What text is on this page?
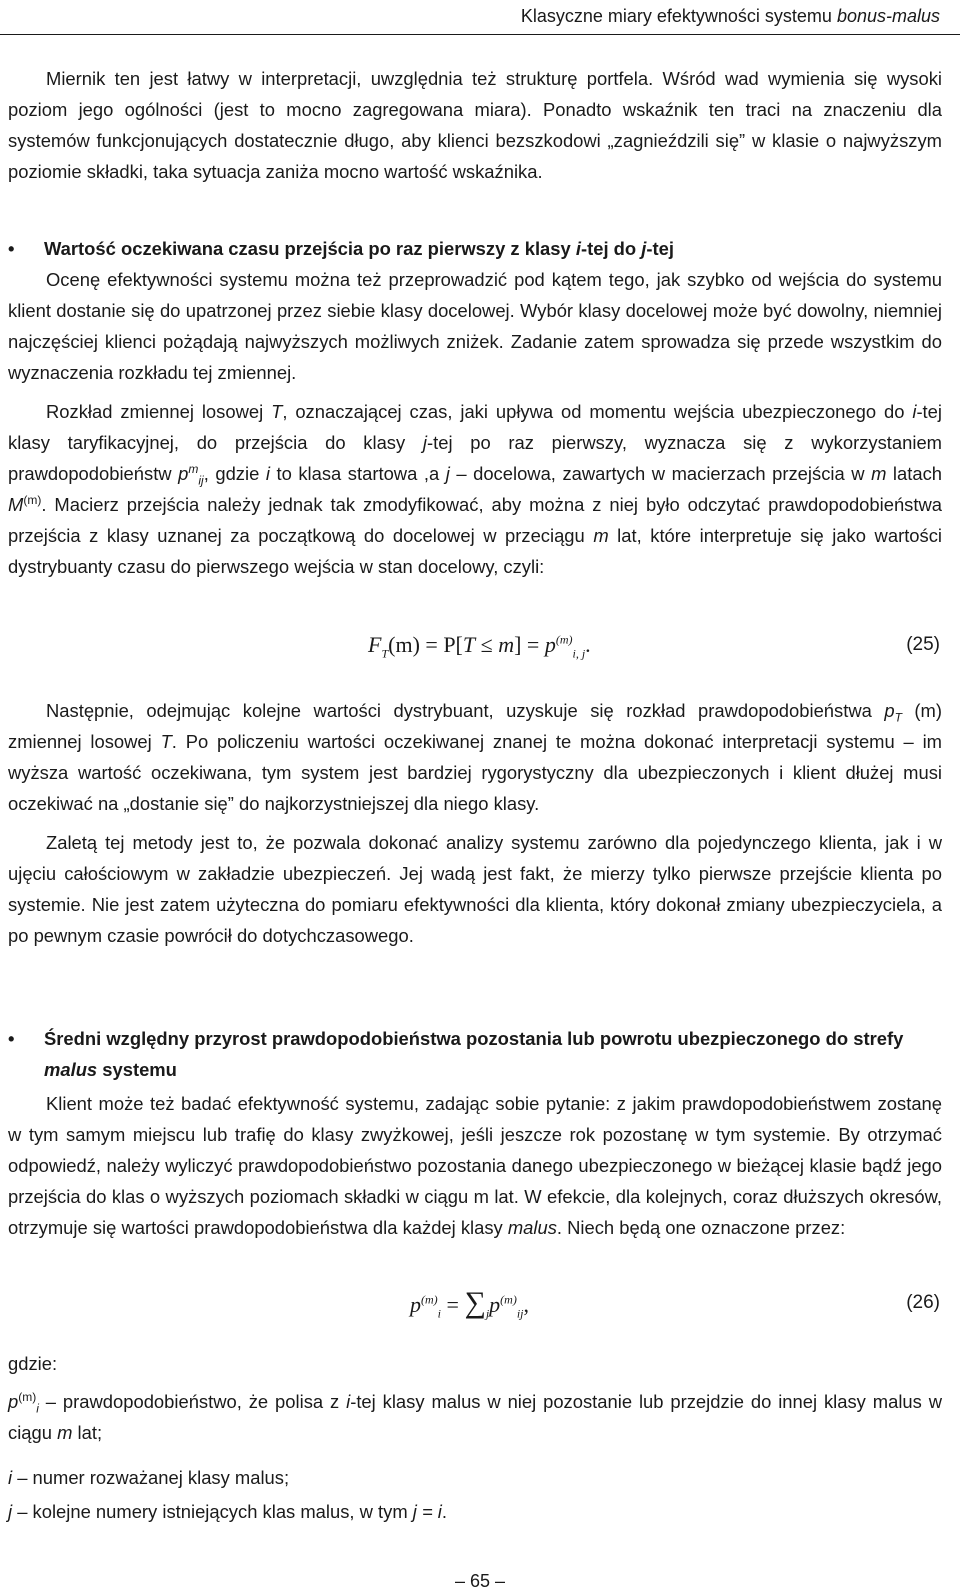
Klasyczne miary efektywności systemu bonus-malus

Miernik ten jest łatwy w interpretacji, uwzględnia też strukturę portfela. Wśród wad wymienia się wysoki poziom jego ogólności (jest to mocno zagregowana miara). Ponadto wskaźnik ten traci na znaczeniu dla systemów funkcjonujących dostatecznie długo, aby klienci bezszkodowi „zagnieździli się” w klasie o najwyższym poziomie składki, taka sytuacja zaniża mocno wartość wskaźnika.

• Wartość oczekiwana czasu przejścia po raz pierwszy z klasy i-tej do j-tej

Ocenę efektywności systemu można też przeprowadzić pod kątem tego, jak szybko od wejścia do systemu klient dostanie się do upatrzonej przez siebie klasy docelowej. Wybór klasy docelowej może być dowolny, niemniej najczęściej klienci pożądają najwyższych możliwych zniżek. Zadanie zatem sprowadza się przede wszystkim do wyznaczenia rozkładu tej zmiennej.

Rozkład zmiennej losowej T, oznaczającej czas, jaki upływa od momentu wejścia ubezpieczonego do i-tej klasy taryfikacyjnej, do przejścia do klasy j-tej po raz pierwszy, wyznacza się z wykorzystaniem prawdopodobieństw $p^m_{ij}$, gdzie i to klasa startowa ,a j – docelowa, zawartych w macierzach przejścia w m latach $M^{(m)}$. Macierz przejścia należy jednak tak zmodyfikować, aby można z niej było odczytać prawdopodobieństwa przejścia z klasy uznanej za początkową do docelowej w przeciągu m lat, które interpretuje się jako wartości dystrybuanty czasu do pierwszego wejścia w stan docelowy, czyli:

$F_T(m) = P[T \le m] = p^{(m)}_{i, j}$.	(25)

Następnie, odejmując kolejne wartości dystrybuant, uzyskuje się rozkład prawdopodobieństwa $p_T$ (m) zmiennej losowej T. Po policzeniu wartości oczekiwanej znanej te można dokonać interpretacji systemu – im wyższa wartość oczekiwana, tym system jest bardziej rygorystyczny dla ubezpieczonych i klient dłużej musi oczekiwać na „dostanie się” do najkorzystniejszej dla niego klasy.

Zaletą tej metody jest to, że pozwala dokonać analizy systemu zarówno dla pojedynczego klienta, jak i w ujęciu całościowym w zakładzie ubezpieczeń. Jej wadą jest fakt, że mierzy tylko pierwsze przejście klienta po systemie. Nie jest zatem użyteczna do pomiaru efektywności dla klienta, który dokonał zmiany ubezpieczyciela, a po pewnym czasie powrócił do dotychczasowego.

• Średni względny przyrost prawdopodobieństwa pozostania lub powrotu ubezpieczonego do strefy malus systemu

Klient może też badać efektywność systemu, zadając sobie pytanie: z jakim prawdopodobieństwem zostanę w tym samym miejscu lub trafię do klasy zwyżkowej, jeśli jeszcze rok pozostanę w tym systemie. By otrzymać odpowiedź, należy wyliczyć prawdopodobieństwo pozostania danego ubezpieczonego w bieżącej klasie bądź jego przejścia do klas o wyższych poziomach składki w ciągu m lat. W efekcie, dla kolejnych, coraz dłuższych okresów, otrzymuje się wartości prawdopodobieństwa dla każdej klasy malus. Niech będą one oznaczone przez:

$p^{(m)}_i = \sum_jp^{(m)}_{ij}$,	(26)

gdzie:

$p^{(m)}_i$ – prawdopodobieństwo, że polisa z i-tej klasy malus w niej pozostanie lub przejdzie do innej klasy malus w ciągu m lat;

i – numer rozważanej klasy malus;

j – kolejne numery istniejących klas malus, w tym j = i.

– 65 –
